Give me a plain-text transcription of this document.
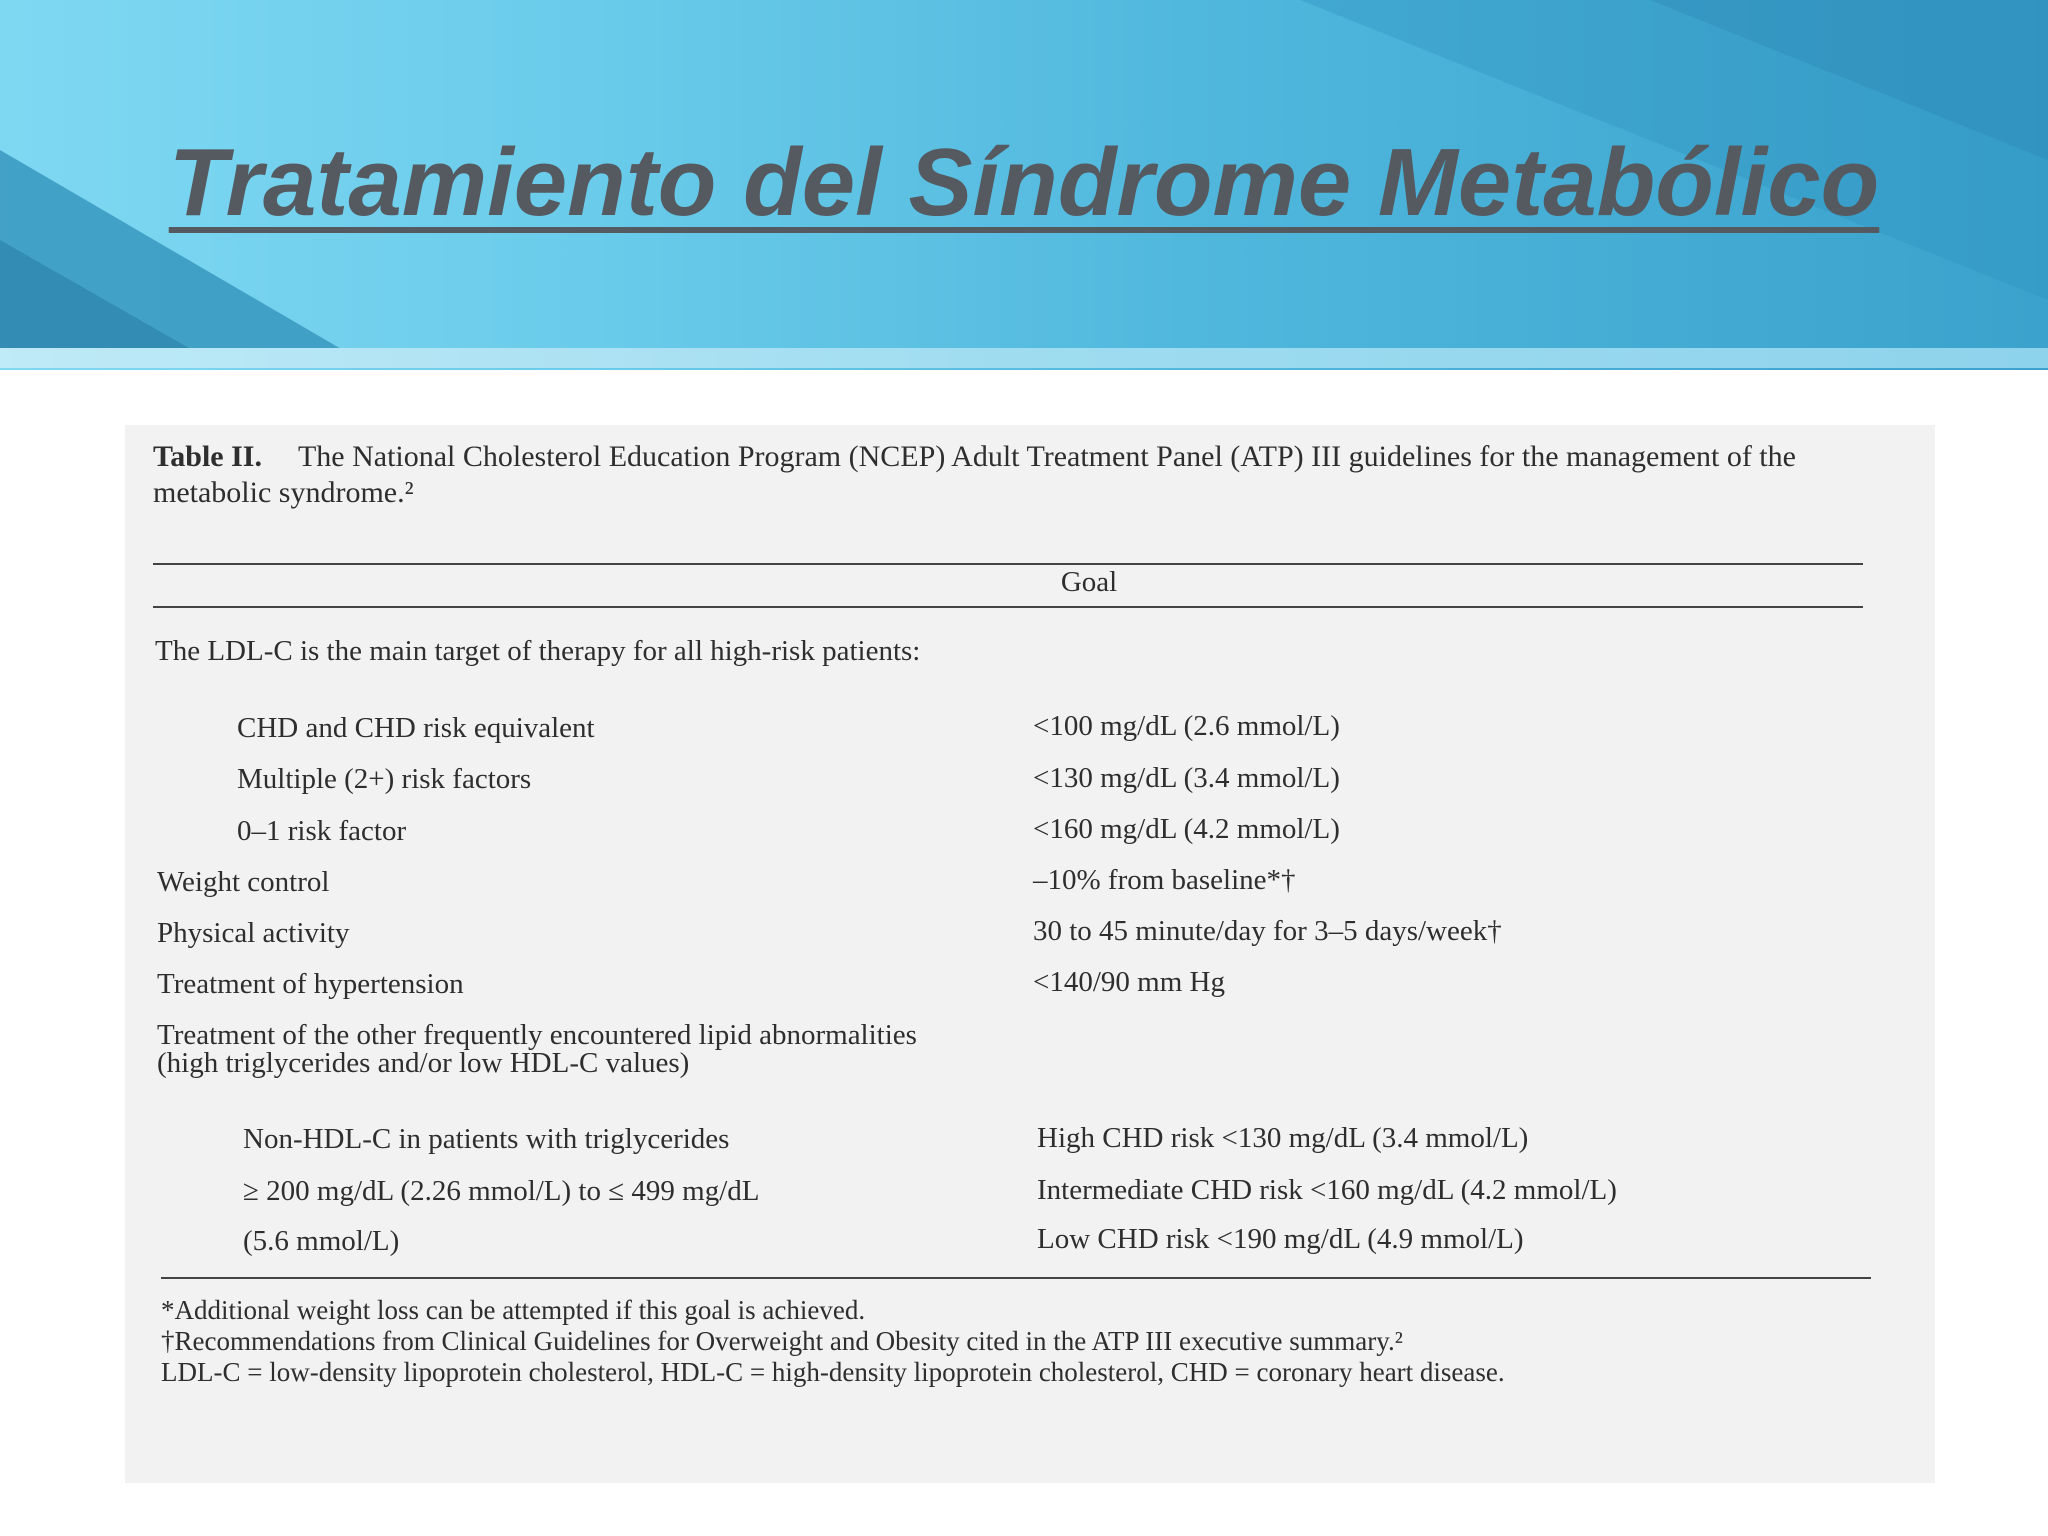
Tratamiento del Síndrome Metabólico
Table II. The National Cholesterol Education Program (NCEP) Adult Treatment Panel (ATP) III guidelines for the management of the metabolic syndrome.²
Goal
The LDL-C is the main target of therapy for all high-risk patients:
CHD and CHD risk equivalent	<100 mg/dL (2.6 mmol/L)
Multiple (2+) risk factors	<130 mg/dL (3.4 mmol/L)
0–1 risk factor	<160 mg/dL (4.2 mmol/L)
Weight control	–10% from baseline*†
Physical activity	30 to 45 minute/day for 3–5 days/week†
Treatment of hypertension	<140/90 mm Hg
Treatment of the other frequently encountered lipid abnormalities (high triglycerides and/or low HDL-C values)
Non-HDL-C in patients with triglycerides	High CHD risk <130 mg/dL (3.4 mmol/L)
≥ 200 mg/dL (2.26 mmol/L) to ≤ 499 mg/dL	Intermediate CHD risk <160 mg/dL (4.2 mmol/L)
(5.6 mmol/L)	Low CHD risk <190 mg/dL (4.9 mmol/L)

*Additional weight loss can be attempted if this goal is achieved.

†Recommendations from Clinical Guidelines for Overweight and Obesity cited in the ATP III executive summary.²

LDL-C = low-density lipoprotein cholesterol, HDL-C = high-density lipoprotein cholesterol, CHD = coronary heart disease.
